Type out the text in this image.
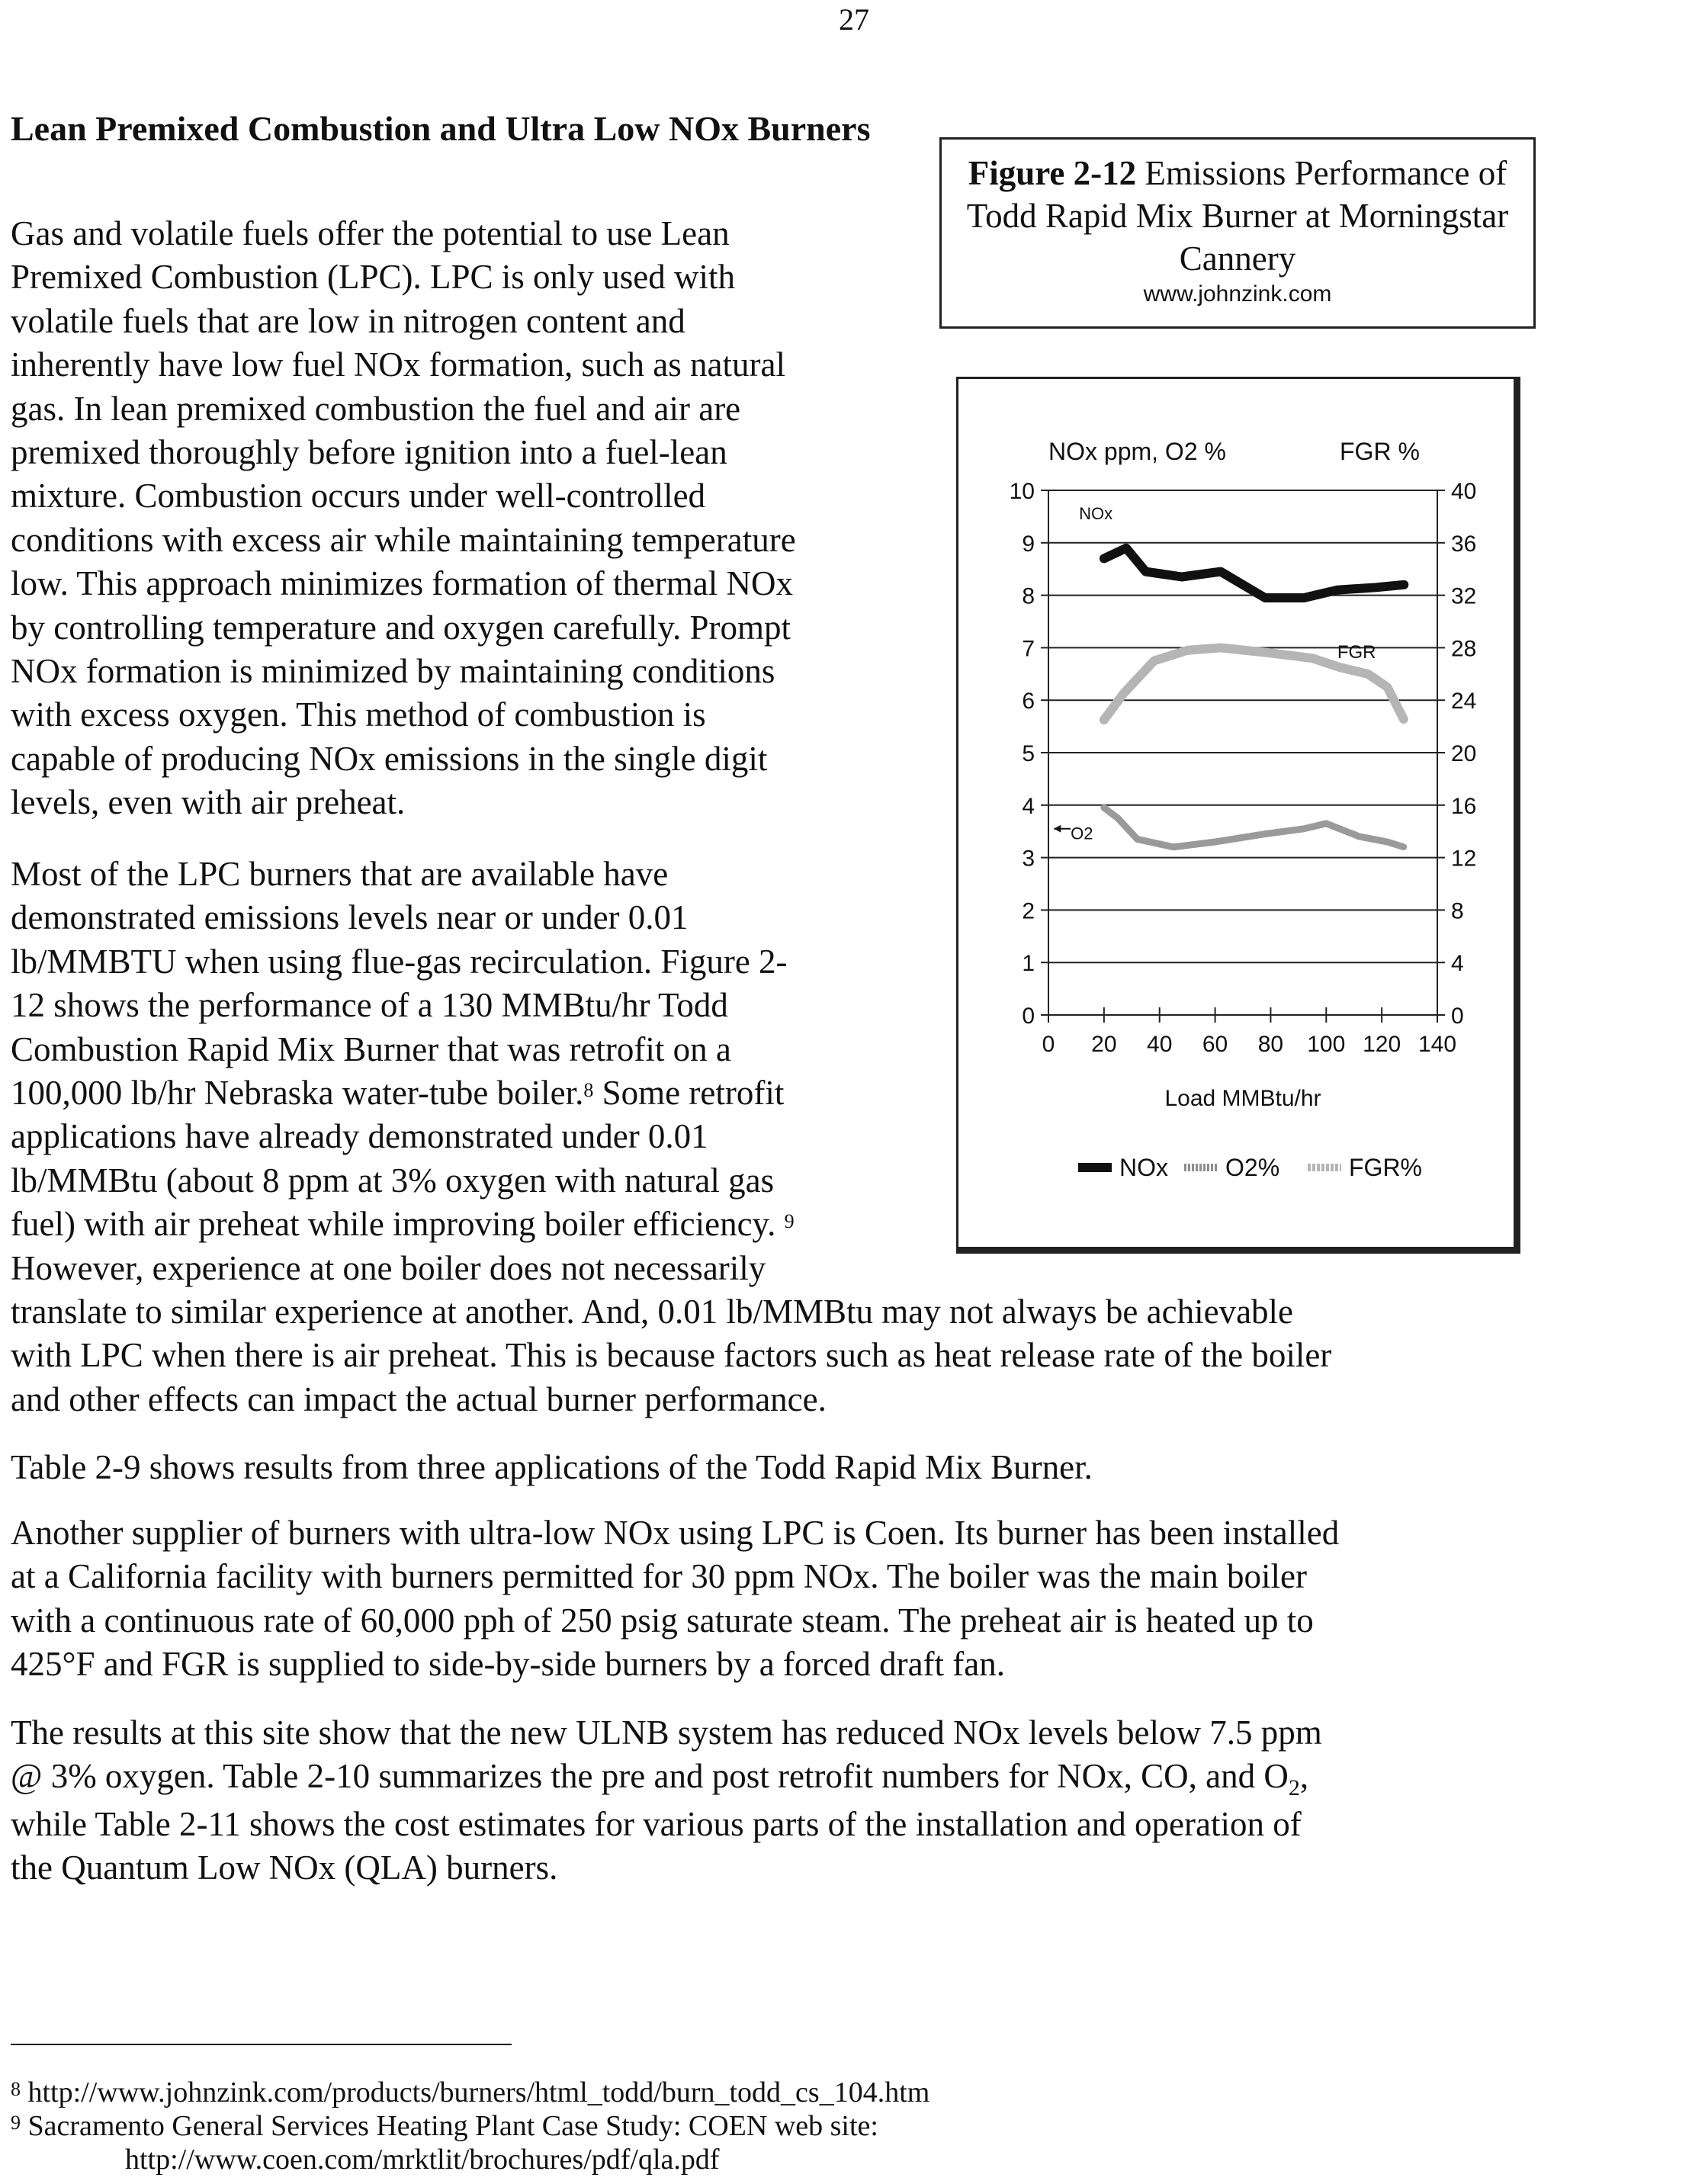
27
Lean Premixed Combustion and Ultra Low NOx Burners
Gas and volatile fuels offer the potential to use Lean
Premixed Combustion (LPC). LPC is only used with
volatile fuels that are low in nitrogen content and
inherently have low fuel NOx formation, such as natural
gas. In lean premixed combustion the fuel and air are
premixed thoroughly before ignition into a fuel-lean
mixture. Combustion occurs under well-controlled
conditions with excess air while maintaining temperature
low. This approach minimizes formation of thermal NOx
by controlling temperature and oxygen carefully. Prompt
NOx formation is minimized by maintaining conditions
with excess oxygen. This method of combustion is
capable of producing NOx emissions in the single digit
levels, even with air preheat.
Most of the LPC burners that are available have
demonstrated emissions levels near or under 0.01
lb/MMBTU when using flue-gas recirculation. Figure 2-
12 shows the performance of a 130 MMBtu/hr Todd
Combustion Rapid Mix Burner that was retrofit on a
100,000 lb/hr Nebraska water-tube boiler.$^8$ Some retrofit
applications have already demonstrated under 0.01
lb/MMBtu (about 8 ppm at 3% oxygen with natural gas
fuel) with air preheat while improving boiler efficiency. $^9$
However, experience at one boiler does not necessarily
translate to similar experience at another. And, 0.01 lb/MMBtu may not always be achievable
with LPC when there is air preheat. This is because factors such as heat release rate of the boiler
and other effects can impact the actual burner performance.
Table 2-9 shows results from three applications of the Todd Rapid Mix Burner.
Another supplier of burners with ultra-low NOx using LPC is Coen. Its burner has been installed
at a California facility with burners permitted for 30 ppm NOx. The boiler was the main boiler
with a continuous rate of 60,000 pph of 250 psig saturate steam. The preheat air is heated up to
425°F and FGR is supplied to side-by-side burners by a forced draft fan.
The results at this site show that the new ULNB system has reduced NOx levels below 7.5 ppm
@ 3% oxygen. Table 2-10 summarizes the pre and post retrofit numbers for NOx, CO, and $O_2$,
while Table 2-11 shows the cost estimates for various parts of the installation and operation of
the Quantum Low NOx (QLA) burners.
Figure 2-12 Emissions Performance of Todd Rapid Mix Burner at Morningstar Cannery
www.johnzink.com
NOx ppm, O2 %	FGR %
0
1
2
3
4
5
6
7
8
9
10
0
4
8
12
16
20
24
28
32
36
40
0 20 40 60 80 100 120 140
NOx
FGR
O2
Load MMBtu/hr
NOx O2%	FGR%
$^8$ http://www.johnzink.com/products/burners/html_todd/burn_todd_cs_104.htm
$^9$ Sacramento General Services Heating Plant Case Study: COEN web site:
http://www.coen.com/mrktlit/brochures/pdf/qla.pdf
